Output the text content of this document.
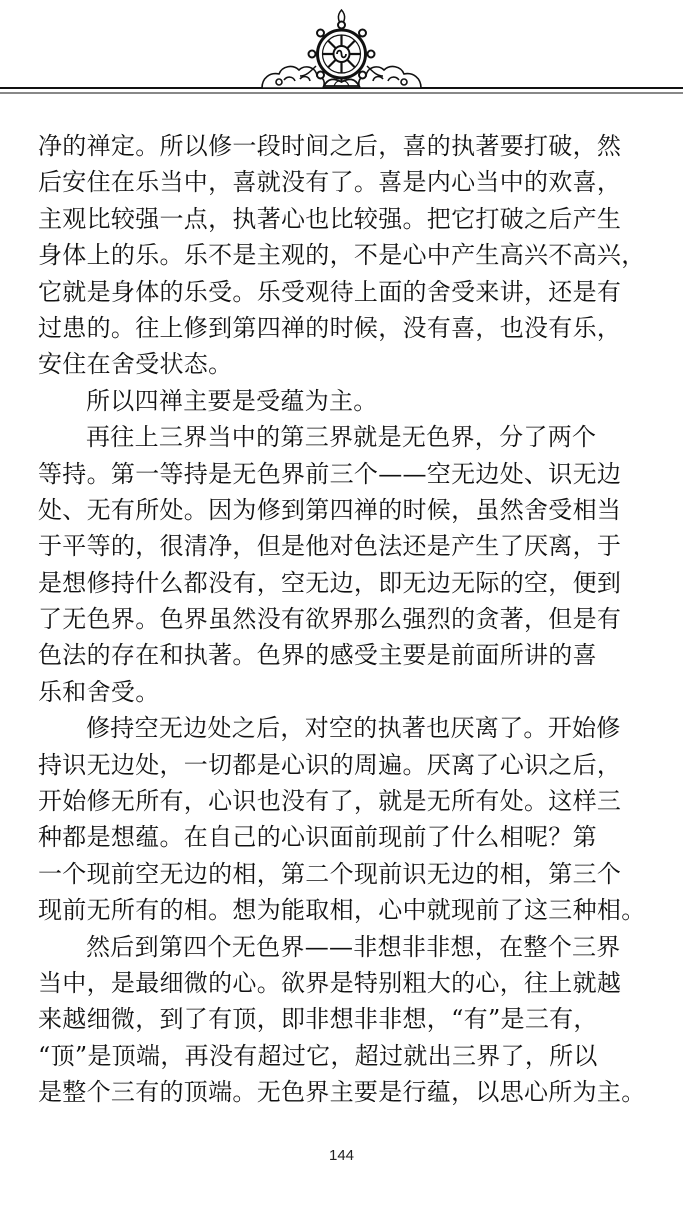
净的禅定。所以修一段时间之后，喜的执著要打破，然
后安住在乐当中，喜就没有了。喜是内心当中的欢喜，
主观比较强一点，执著心也比较强。把它打破之后产生
身体上的乐。乐不是主观的，不是心中产生高兴不高兴，
它就是身体的乐受。乐受观待上面的舍受来讲，还是有
过患的。往上修到第四禅的时候，没有喜，也没有乐，
安住在舍受状态。
所以四禅主要是受蕴为主。
再往上三界当中的第三界就是无色界，分了两个
等持。第一等持是无色界前三个——空无边处、识无边
处、无有所处。因为修到第四禅的时候，虽然舍受相当
于平等的，很清净，但是他对色法还是产生了厌离，于
是想修持什么都没有，空无边，即无边无际的空，便到
了无色界。色界虽然没有欲界那么强烈的贪著，但是有
色法的存在和执著。色界的感受主要是前面所讲的喜
乐和舍受。
修持空无边处之后，对空的执著也厌离了。开始修
持识无边处，一切都是心识的周遍。厌离了心识之后，
开始修无所有，心识也没有了，就是无所有处。这样三
种都是想蕴。在自己的心识面前现前了什么相呢？第
一个现前空无边的相，第二个现前识无边的相，第三个
现前无所有的相。想为能取相，心中就现前了这三种相。
然后到第四个无色界——非想非非想，在整个三界
当中，是最细微的心。欲界是特别粗大的心，往上就越
来越细微，到了有顶，即非想非非想，“有”是三有，
“顶”是顶端，再没有超过它，超过就出三界了，所以
是整个三有的顶端。无色界主要是行蕴，以思心所为主。
144
